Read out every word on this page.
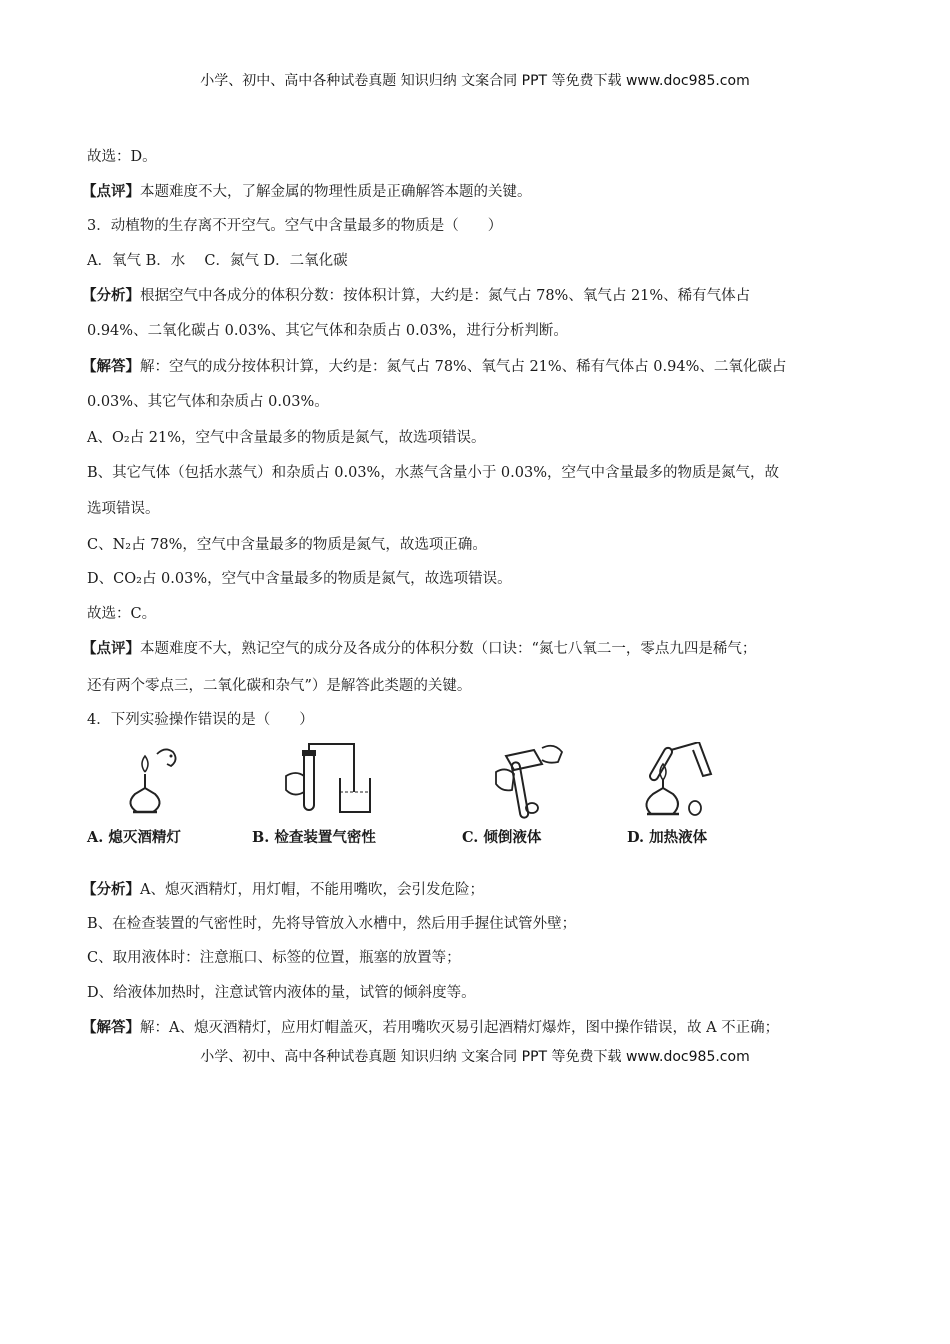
小学、初中、高中各种试卷真题 知识归纳 文案合同 PPT 等免费下载 www.doc985.com
故选：D。
【点评】本题难度不大，了解金属的物理性质是正确解答本题的关键。
3．动植物的生存离不开空气。空气中含量最多的物质是（　　）
A．氧气 B．水　 C．氮气 D．二氧化碳
【分析】根据空气中各成分的体积分数：按体积计算，大约是：氮气占 78%、氧气占 21%、稀有气体占
0.94%、二氧化碳占 0.03%、其它气体和杂质占 0.03%，进行分析判断。
【解答】解：空气的成分按体积计算，大约是：氮气占 78%、氧气占 21%、稀有气体占 0.94%、二氧化碳占
0.03%、其它气体和杂质占 0.03%。
A、O₂占 21%，空气中含量最多的物质是氮气，故选项错误。
B、其它气体（包括水蒸气）和杂质占 0.03%，水蒸气含量小于 0.03%，空气中含量最多的物质是氮气，故
选项错误。
C、N₂占 78%，空气中含量最多的物质是氮气，故选项正确。
D、CO₂占 0.03%，空气中含量最多的物质是氮气，故选项错误。
故选：C。
【点评】本题难度不大，熟记空气的成分及各成分的体积分数（口诀：“氮七八氧二一，零点九四是稀气；
还有两个零点三，二氧化碳和杂气”）是解答此类题的关键。
4．下列实验操作错误的是（　　）
A. 熄灭酒精灯	B. 检查装置气密性	C. 倾倒液体	D. 加热液体
【分析】A、熄灭酒精灯，用灯帽，不能用嘴吹，会引发危险；
B、在检查装置的气密性时，先将导管放入水槽中，然后用手握住试管外壁；
C、取用液体时：注意瓶口、标签的位置，瓶塞的放置等；
D、给液体加热时，注意试管内液体的量，试管的倾斜度等。
【解答】解：A、熄灭酒精灯，应用灯帽盖灭，若用嘴吹灭易引起酒精灯爆炸，图中操作错误，故 A 不正确；
小学、初中、高中各种试卷真题 知识归纳 文案合同 PPT 等免费下载 www.doc985.com
